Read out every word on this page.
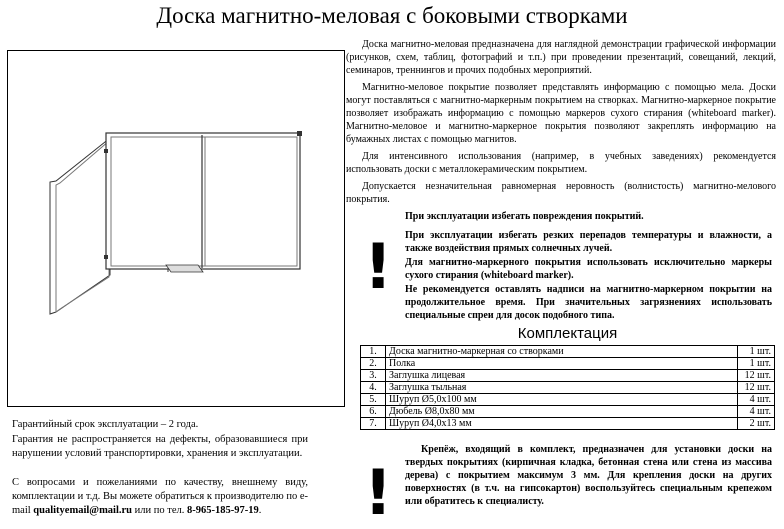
Доска магнитно-меловая с боковыми створками

Доска магнитно-меловая предназначена для наглядной демонстрации графической информации (рисунков, схем, таблиц, фотографий и т.п.) при проведении презентаций, совещаний, лекций, семинаров, треннингов и прочих подобных мероприятий.

Магнитно-меловое покрытие позволяет представлять информацию с помощью мела. Доски могут поставляться с магнитно-маркерным покрытием на створках. Магнитно-маркерное покрытие позволяет изображать информацию с помощью маркеров сухого стирания (whiteboard marker). Магнитно-меловое и магнитно-маркерное покрытия позволяют закреплять информацию на бумажных листах с помощью магнитов.

Для интенсивного использования (например, в учебных заведениях) рекомендуется использовать доски с металлокерамическим покрытием.

Допускается незначительная равномерная неровность (волнистость) магнитно-мелового покрытия.

!

При эксплуатации избегать повреждения покрытий.

При эксплуатации избегать резких перепадов температуры и влажности, а также воздействия прямых солнечных лучей.

Для магнитно-маркерного покрытия использовать исключительно маркеры сухого стирания (whiteboard marker).

Не рекомендуется оставлять надписи на магнитно-маркерном покрытии на продолжительное время. При значительных загрязнениях использовать специальные спреи для досок подобного типа.

Комплектация
1.	Доска магнитно-маркерная со створками	1 шт.
2.	Полка	1 шт.
3.	Заглушка лицевая	12 шт.
4.	Заглушка тыльная	12 шт.
5.	Шуруп Ø5,0х100 мм	4 шт.
6.	Дюбель Ø8,0х80 мм	4 шт.
7.	Шуруп Ø4,0х13 мм	2 шт.

Гарантийный срок эксплуатации – 2 года.

Гарантия не распространяется на дефекты, образовавшиеся при нарушении условий транспортировки, хранения и эксплуатации.

С вопросами и пожеланиями по качеству, внешнему виду, комплектации и т.д. Вы можете обратиться к производителю по e-mail qualityemail@mail.ru или по тел. 8-965-185-97-19.	!

Крепёж, входящий в комплект, предназначен для установки доски на твердых покрытиях (кирпичная кладка, бетонная стена или стена из массива дерева) с покрытием максимум 3 мм. Для крепления доски на других поверхностях (в т.ч. на гипсокартон) воспользуйтесь специальным крепежом или обратитесь к специалисту.
